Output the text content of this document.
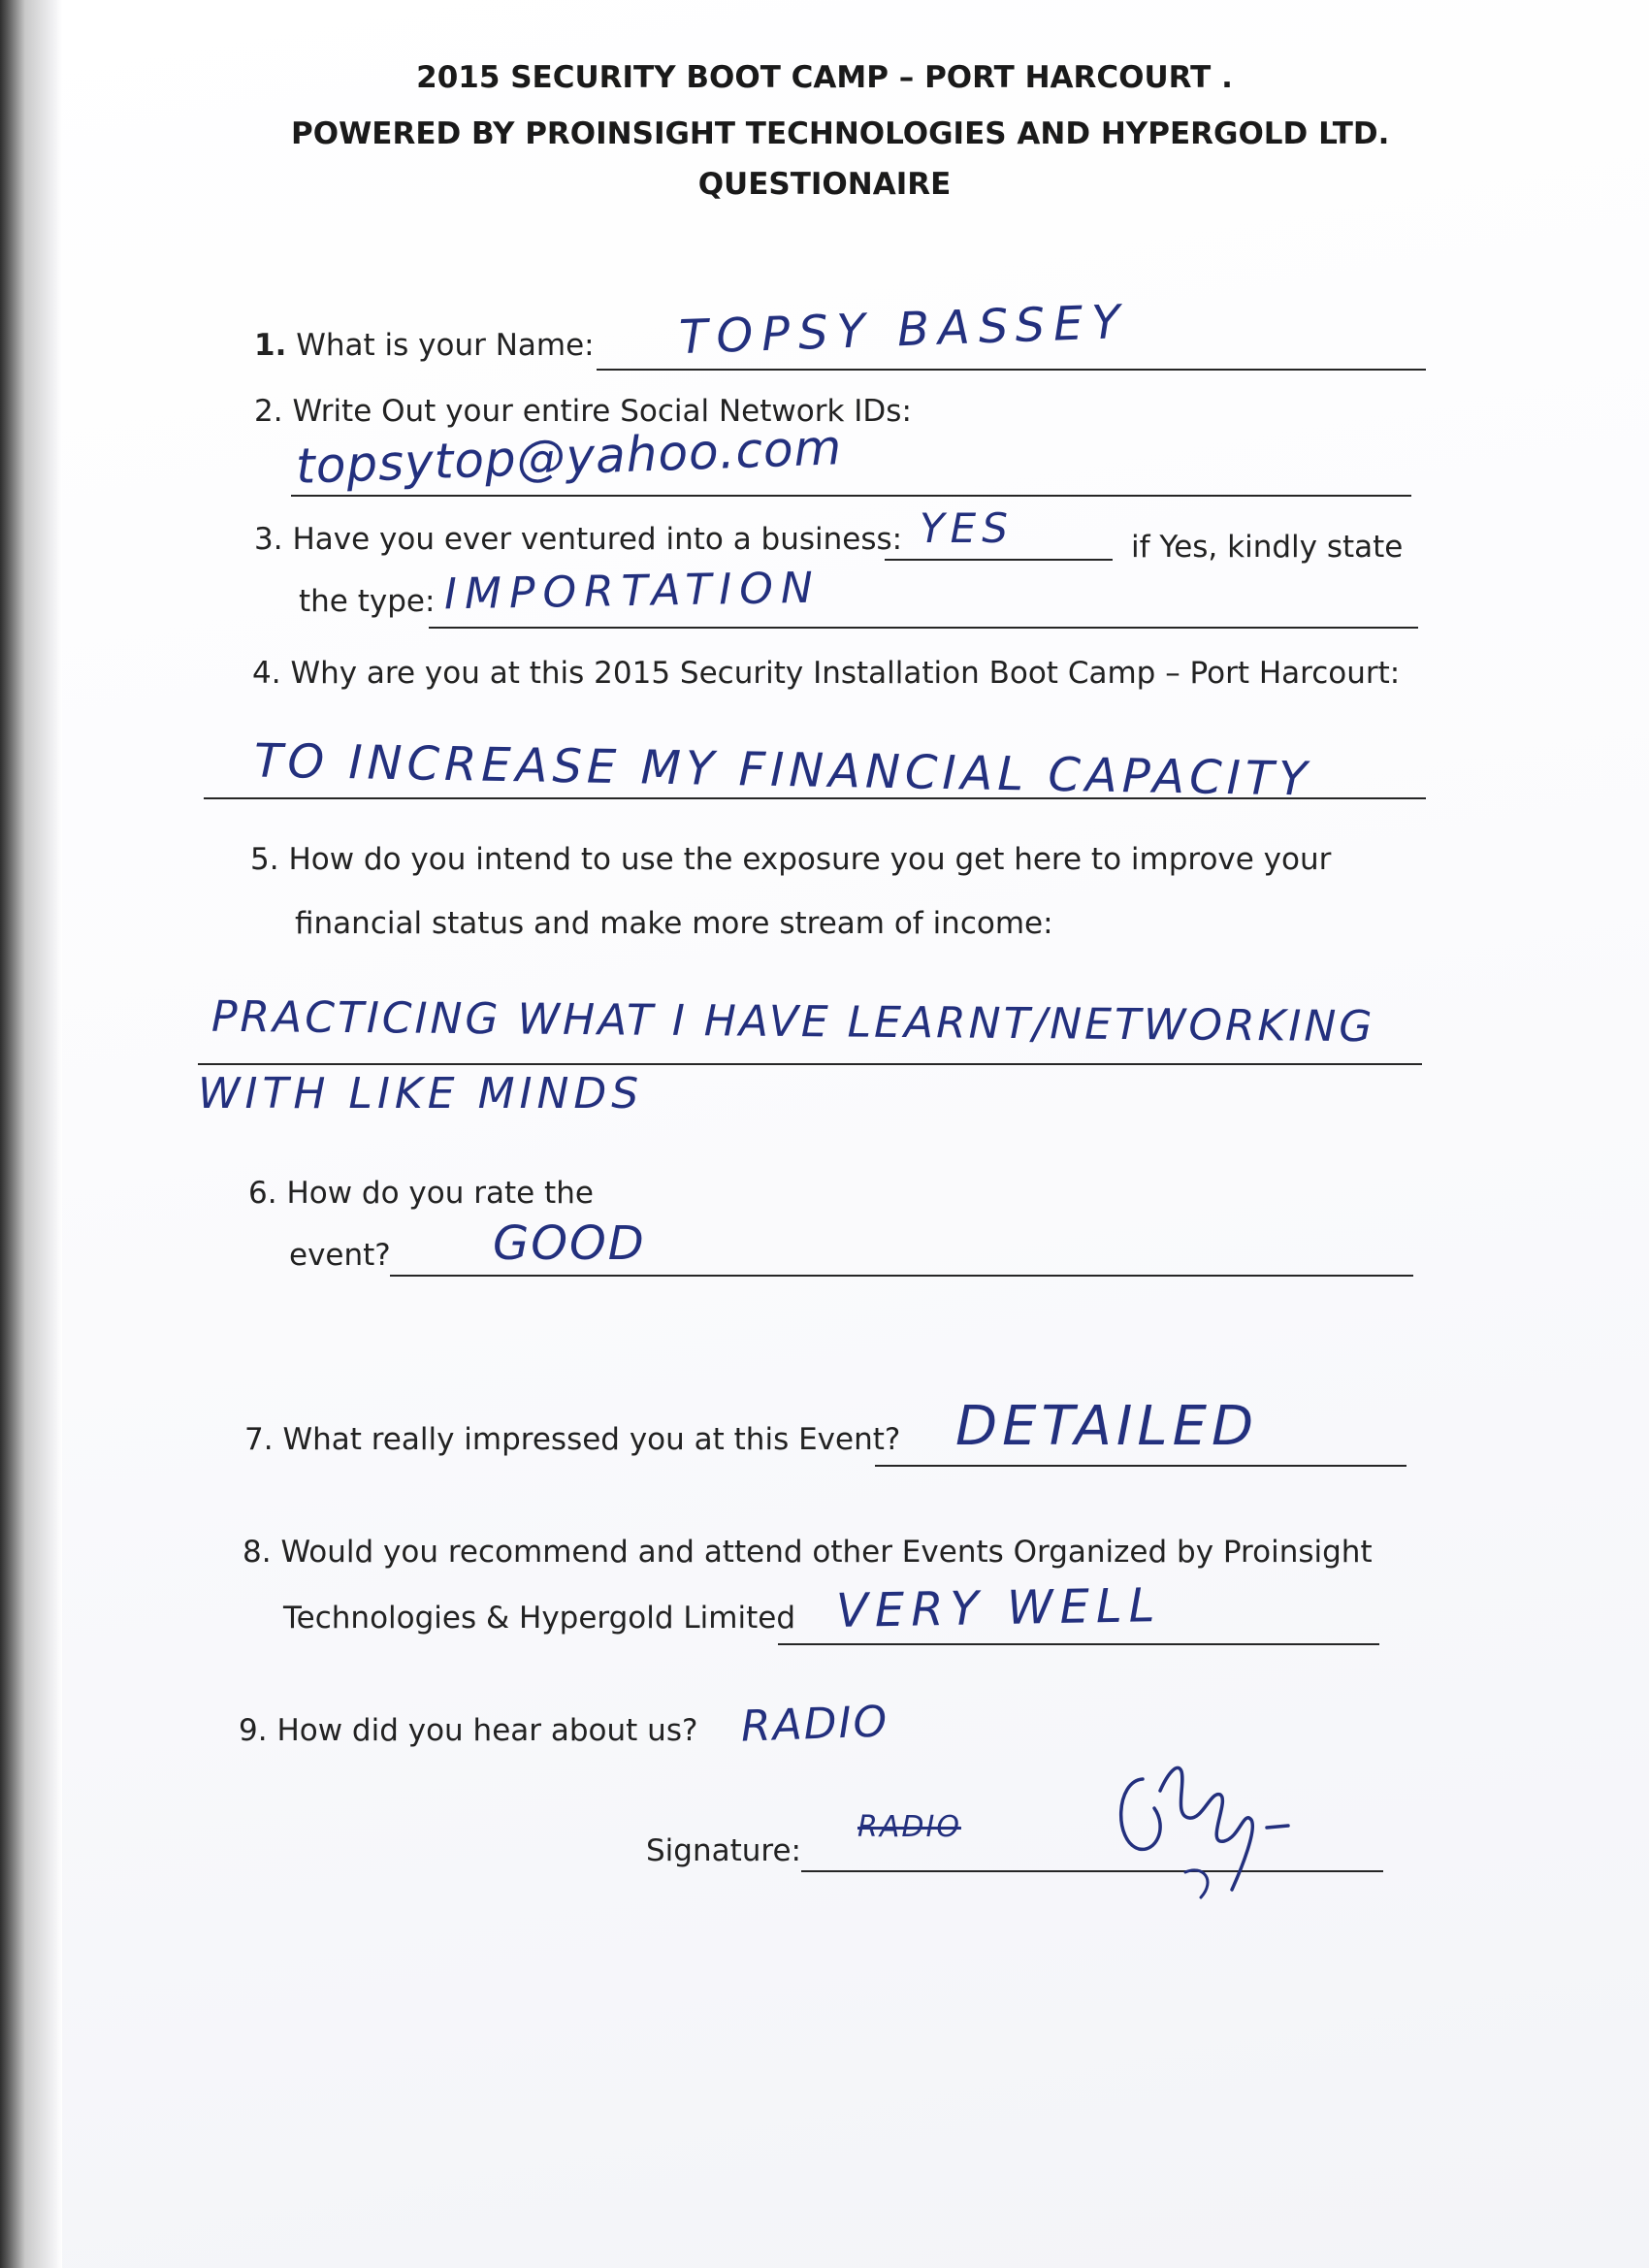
2015 SECURITY BOOT CAMP – PORT HARCOURT .
POWERED BY PROINSIGHT TECHNOLOGIES AND HYPERGOLD LTD.
QUESTIONAIRE
1. What is your Name: TOPSY BASSEY
2. Write Out your entire Social Network IDs:
topsytop@yahoo.com
3. Have you ever ventured into a business: YES	if Yes, kindly state
the type: IMPORTATION
4. Why are you at this 2015 Security Installation Boot Camp – Port Harcourt:
TO INCREASE MY FINANCIAL CAPACITY
5. How do you intend to use the exposure you get here to improve your
financial status and make more stream of income:
PRACTICING WHAT I HAVE LEARNT/NETWORKING
WITH LIKE MINDS
6. How do you rate the
event? GOOD
7. What really impressed you at this Event? DETAILED
8. Would you recommend and attend other Events Organized by Proinsight
Technologies & Hypergold Limited VERY WELL
9. How did you hear about us? RADIO
Signature:
RADIO
